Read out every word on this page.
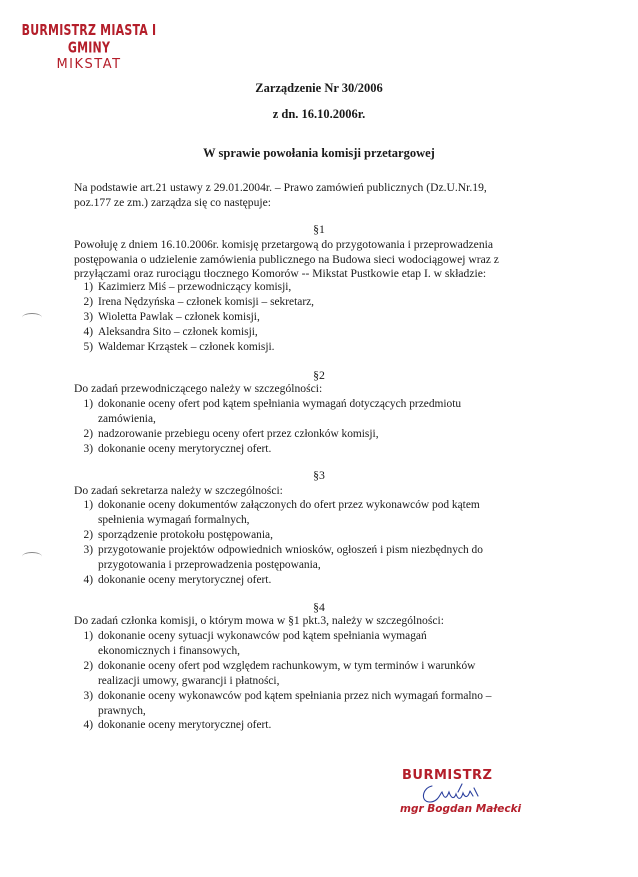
BURMISTRZ MIASTA I GMINY
MIKSTAT
Zarządzenie Nr 30/2006
z dn. 16.10.2006r.
W sprawie powołania komisji przetargowej

Na podstawie art.21 ustawy z 29.01.2004r. – Prawo zamówień publicznych (Dz.U.Nr.19,

poz.177 ze zm.) zarządza się co następuje:

§1

Powołuję z dniem 16.10.2006r. komisję przetargową do przygotowania i przeprowadzenia

postępowania o udzielenie zamówienia publicznego na Budowa sieci wodociągowej wraz z

przyłączami oraz rurociągu tłocznego Komorów -- Mikstat Pustkowie etap I. w składzie:

1) Kazimierz Miś – przewodniczący komisji,
2) Irena Nędzyńska – członek komisji – sekretarz,
3) Wioletta Pawlak – członek komisji,
4) Aleksandra Sito – członek komisji,
5) Waldemar Krząstek – członek komisji.
§2
Do zadań przewodniczącego należy w szczególności:
1) dokonanie oceny ofert pod kątem spełniania wymagań dotyczących przedmiotu
zamówienia,
2) nadzorowanie przebiegu oceny ofert przez członków komisji,
3) dokonanie oceny merytorycznej ofert.
§3
Do zadań sekretarza należy w szczególności:
1) dokonanie oceny dokumentów załączonych do ofert przez wykonawców pod kątem
spełnienia wymagań formalnych,
2) sporządzenie protokołu postępowania,
3) przygotowanie projektów odpowiednich wniosków, ogłoszeń i pism niezbędnych do
przygotowania i przeprowadzenia postępowania,
4) dokonanie oceny merytorycznej ofert.
§4
Do zadań członka komisji, o którym mowa w §1 pkt.3, należy w szczególności:
1) dokonanie oceny sytuacji wykonawców pod kątem spełniania wymagań
ekonomicznych i finansowych,
2) dokonanie oceny ofert pod względem rachunkowym, w tym terminów i warunków
realizacji umowy, gwarancji i płatności,
3) dokonanie oceny wykonawców pod kątem spełniania przez nich wymagań formalno –
prawnych,
4) dokonanie oceny merytorycznej ofert.
BURMISTRZ
mgr Bogdan Małecki
